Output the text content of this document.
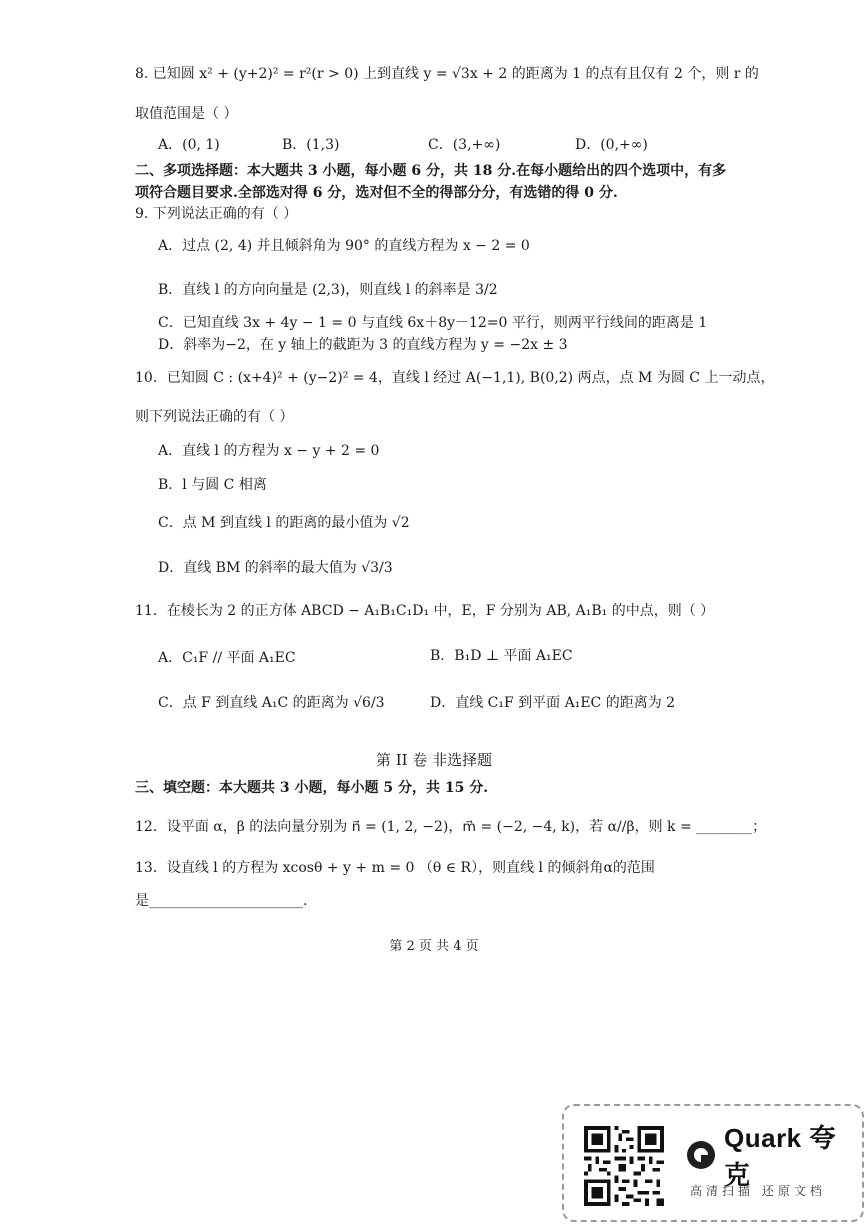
8. 已知圆 x² + (y+2)² = r²(r > 0) 上到直线 y = √3x + 2 的距离为 1 的点有且仅有 2 个，则 r 的
取值范围是（ ）
A．(0, 1)	B．(1,3)	C．(3,+∞)	D．(0,+∞)
二、多项选择题：本大题共 3 小题，每小题 6 分，共 18 分.在每小题给出的四个选项中，有多
项符合题目要求.全部选对得 6 分，选对但不全的得部分分，有选错的得 0 分.
9. 下列说法正确的有（ ）
A．过点 (2, 4) 并且倾斜角为 90° 的直线方程为 x − 2 = 0
B．直线 l 的方向向量是 (2,3)，则直线 l 的斜率是 3/2
C．已知直线 3x + 4y − 1 = 0 与直线 6x＋8y－12=0 平行，则两平行线间的距离是 1
D．斜率为−2，在 y 轴上的截距为 3 的直线方程为 y = −2x ± 3
10．已知圆 C : (x+4)² + (y−2)² = 4，直线 l 经过 A(−1,1), B(0,2) 两点，点 M 为圆 C 上一动点，
则下列说法正确的有（ ）
A．直线 l 的方程为 x − y + 2 = 0
B．l 与圆 C 相离
C．点 M 到直线 l 的距离的最小值为 √2
D．直线 BM 的斜率的最大值为 √3/3
11．在棱长为 2 的正方体 ABCD − A₁B₁C₁D₁ 中，E，F 分别为 AB, A₁B₁ 的中点，则（ ）
A．C₁F // 平面 A₁EC	B．B₁D ⊥ 平面 A₁EC
C．点 F 到直线 A₁C 的距离为 √6/3	D．直线 C₁F 到平面 A₁EC 的距离为 2
第 II 卷 非选择题
三、填空题：本大题共 3 小题，每小题 5 分，共 15 分.
12．设平面 α，β 的法向量分别为 n⃗ = (1, 2, −2)，m⃗ = (−2, −4, k)，若 α//β，则 k = ________；
13．设直线 l 的方程为 xcosθ + y + m = 0 （θ ∈ R），则直线 l 的倾斜角α的范围
是______________________.
第 2 页 共 4 页
Quark 夸克
高清扫描 还原文档
